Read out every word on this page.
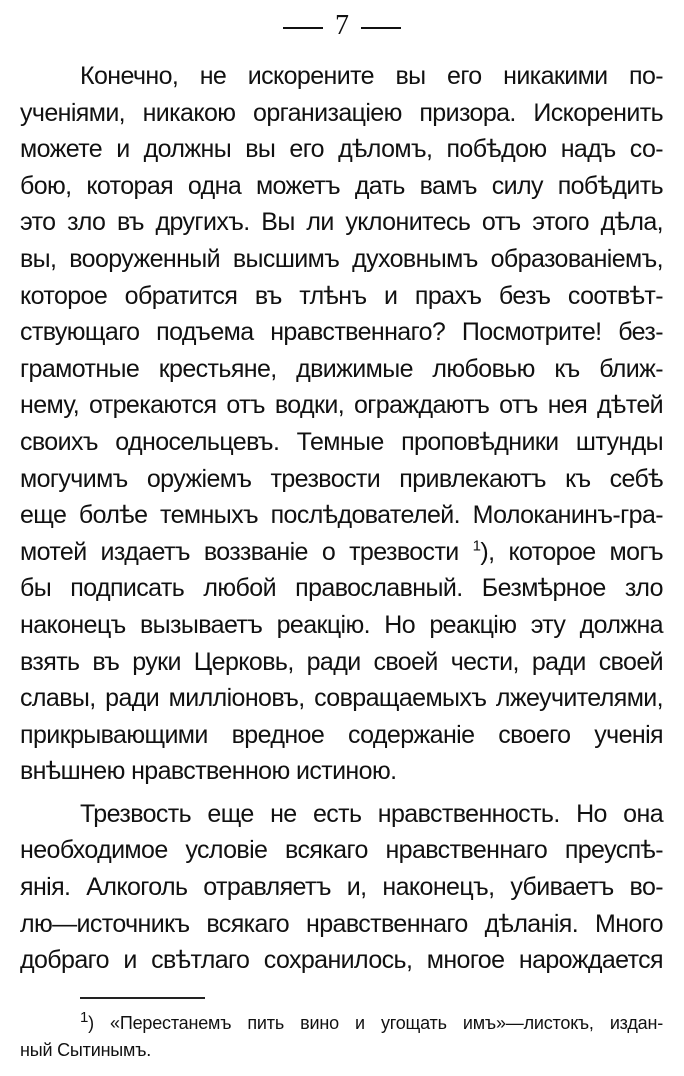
7
Конечно, не искорените вы его никакими по-
ученіями, никакою организаціею призора. Искоренить
можете и должны вы его дѣломъ, побѣдою надъ со-
бою, которая одна можетъ дать вамъ силу побѣдить
это зло въ другихъ. Вы ли уклонитесь отъ этого дѣла,
вы, вооруженный высшимъ духовнымъ образованіемъ,
которое обратится въ тлѣнъ и прахъ безъ соотвѣт-
ствующаго подъема нравственнаго? Посмотрите! без-
грамотные крестьяне, движимые любовью къ ближ-
нему, отрекаются отъ водки, ограждаютъ отъ нея дѣтей
своихъ односельцевъ. Темные проповѣдники штунды
могучимъ оружіемъ трезвости привлекаютъ къ себѣ
еще болѣе темныхъ послѣдователей. Молоканинъ-гра-
мотей издаетъ воззваніе о трезвости $^1$), которое могъ
бы подписать любой православный. Безмѣрное зло
наконецъ вызываетъ реакцію. Но реакцію эту должна
взять въ руки Церковь, ради своей чести, ради своей
славы, ради милліоновъ, совращаемыхъ лжеучителями,
прикрывающими вредное содержаніе своего ученія
внѣшнею нравственною истиною.
Трезвость еще не есть нравственность. Но она
необходимое условіе всякаго нравственнаго преуспѣ-
янія. Алкоголь отравляетъ и, наконецъ, убиваетъ во-
лю—источникъ всякаго нравственнаго дѣланія. Много
добраго и свѣтлаго сохранилось, многое нарождается
$^1$) «Перестанемъ пить вино и угощать имъ»—листокъ, издан-
ный Сытинымъ.
